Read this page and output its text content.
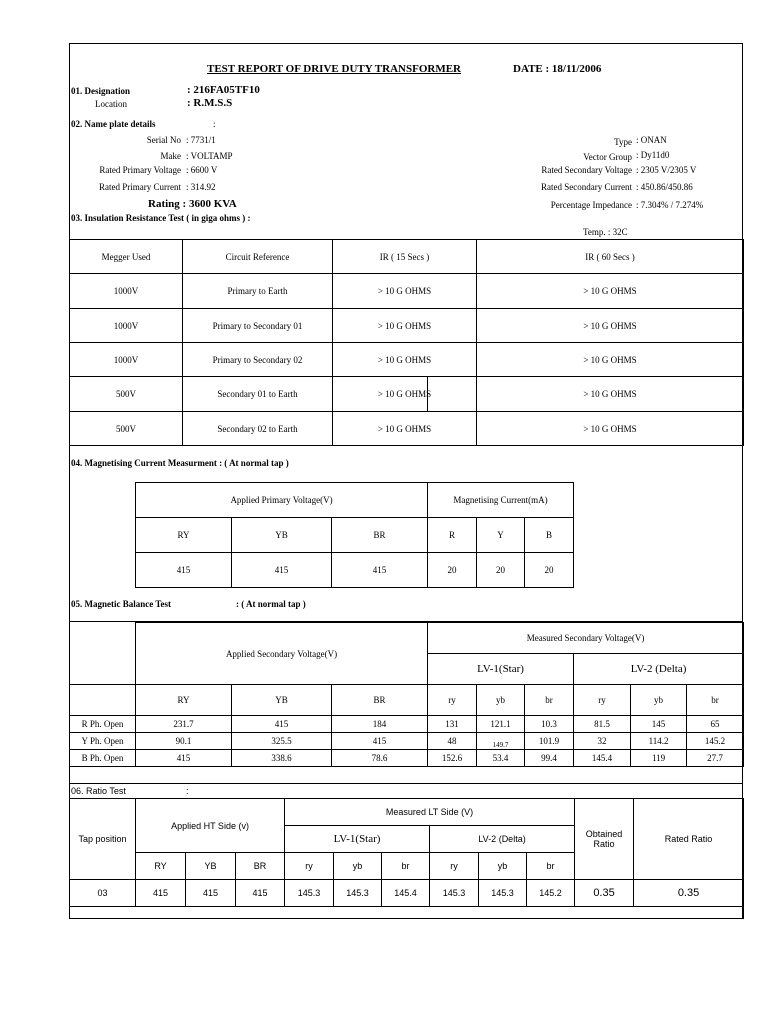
TEST REPORT OF DRIVE DUTY TRANSFORMER	DATE : 18/11/2006
01. Designation	: 216FA05TF10
Location	: R.M.S.S
02. Name plate details	:
Serial No : 7731/1
Make : VOLTAMP
Rated Primary Voltage : 6600 V
Rated Primary Current : 314.92
Rating : 3600 KVA
Type : ONAN
Vector Group : Dy11d0
Rated Secondary Voltage : 2305 V/2305 V
Rated Secondary Current : 450.86/450.86
Percentage Impedance : 7.304% / 7.274%
03. Insulation Resistance Test ( in giga ohms ) :
Temp. : 32C
Megger Used	Circuit Reference	IR ( 15 Secs )	IR ( 60 Secs )
1000V	Primary to Earth	> 10 G OHMS	> 10 G OHMS
1000V	Primary to Secondary 01	> 10 G OHMS	> 10 G OHMS
1000V	Primary to Secondary 02	> 10 G OHMS	> 10 G OHMS
500V	Secondary 01 to Earth	> 10 G OHMS	> 10 G OHMS
500V	Secondary 02 to Earth	> 10 G OHMS	> 10 G OHMS
04. Magnetising Current Measurment : ( At normal tap )
Applied Primary Voltage(V)			Magnetising Current(mA)		
RY	YB	BR	R	Y	B
415	415	415	20	20	20
05. Magnetic Balance Test	: ( At normal tap )
	Applied Secondary Voltage(V)			Measured Secondary Voltage(V)					
				LV-1(Star)			LV-2 (Delta)		
	RY	YB	BR	ry	yb	br	ry	yb	br
R Ph. Open	231.7	415	184	131	121.1	10.3	81.5	145	65
Y Ph. Open	90.1	325.5	415	48	149.7	101.9	32	114.2	145.2
B Ph. Open	415	338.6	78.6	152.6	53.4	99.4	145.4	119	27.7
06. Ratio Test	:
Tap position	Applied HT Side (v)			Measured LT Side (V)						Obtained Ratio	Rated Ratio
				LV-1(Star)			LV-2 (Delta)				
	RY	YB	BR	ry	yb	br	ry	yb	br		
03	415	415	415	145.3	145.3	145.4	145.3	145.3	145.2	0.35	0.35
